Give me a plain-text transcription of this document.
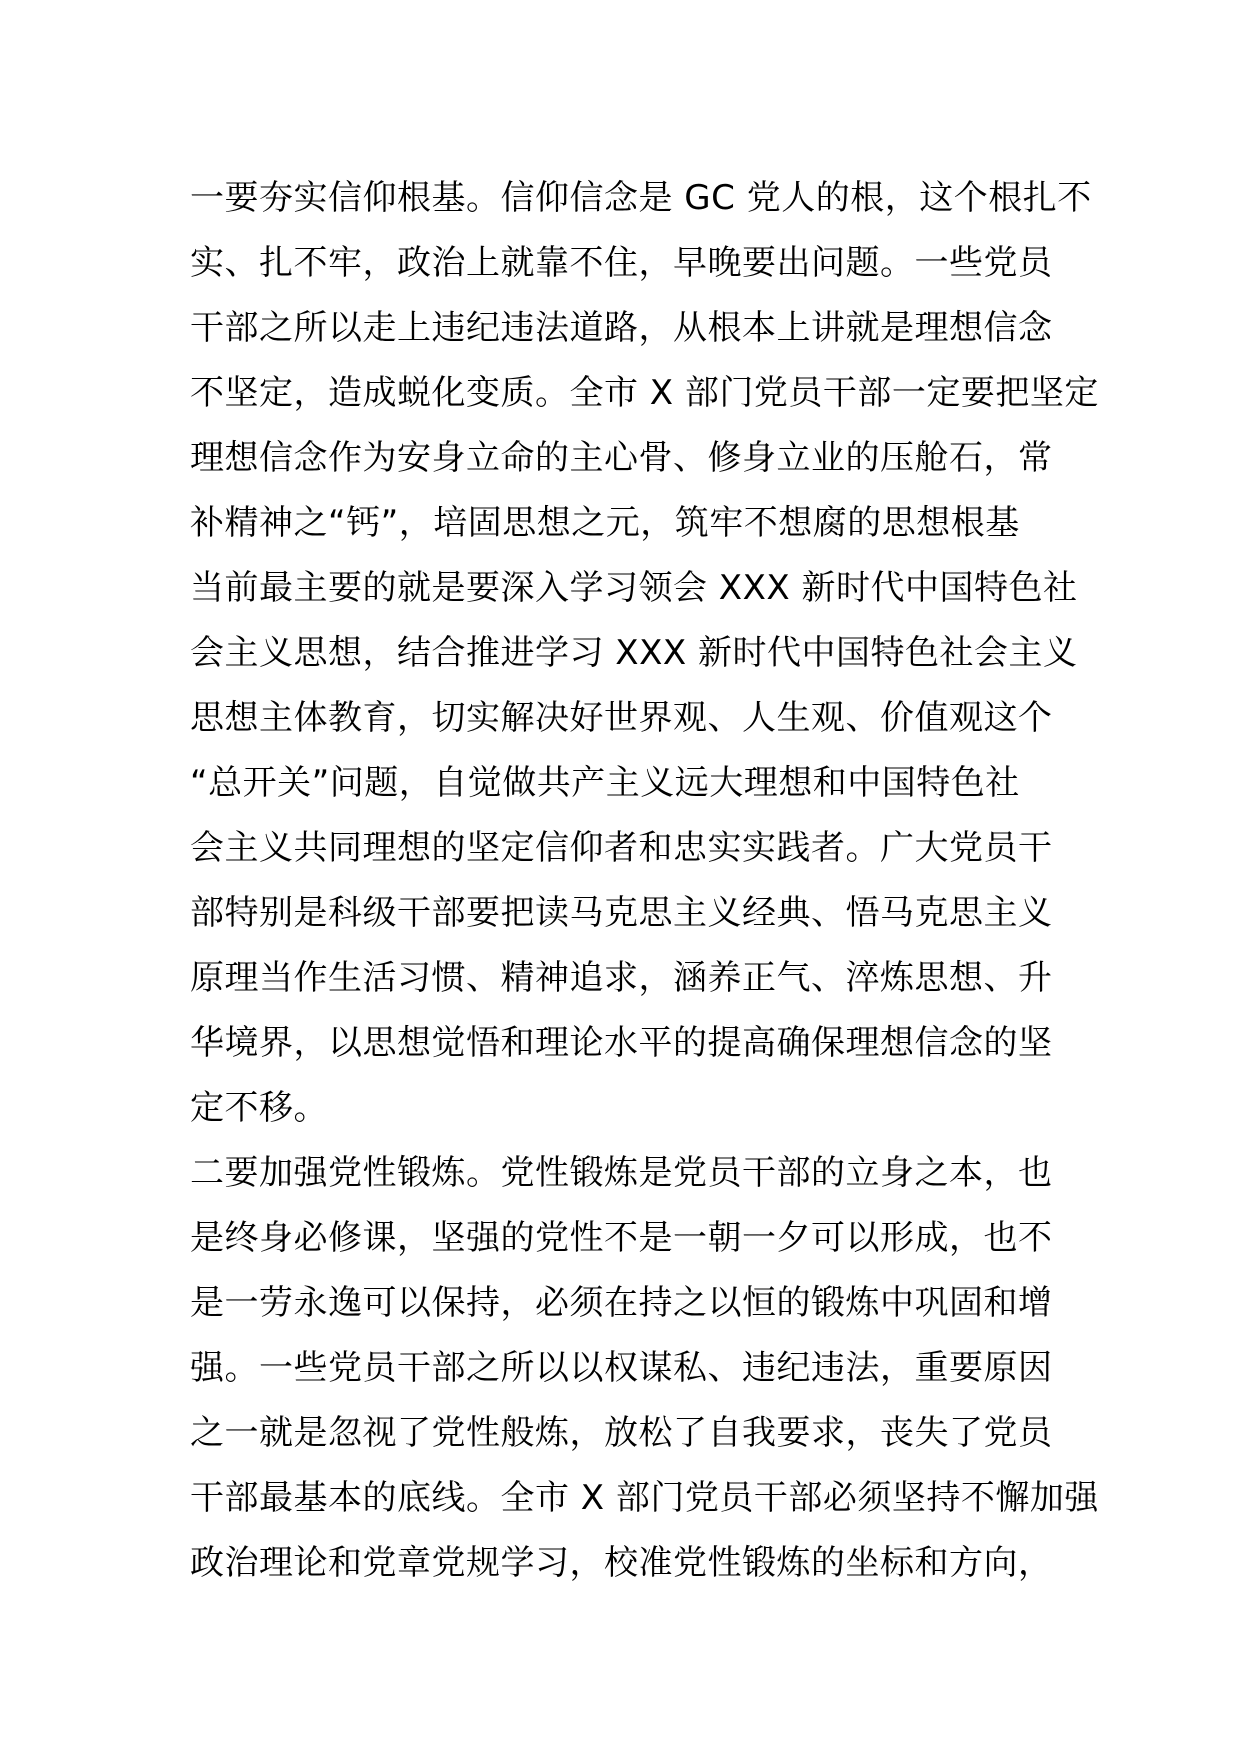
一要夯实信仰根基。信仰信念是 GC 党人的根，这个根扎不
实、扎不牢，政治上就靠不住，早晚要出问题。一些党员
干部之所以走上违纪违法道路，从根本上讲就是理想信念
不坚定，造成蜕化变质。全市 X 部门党员干部一定要把坚定
理想信念作为安身立命的主心骨、修身立业的压舱石，常
补精神之“钙”，培固思想之元，筑牢不想腐的思想根基
当前最主要的就是要深入学习领会 XXX 新时代中国特色社
会主义思想，结合推进学习 XXX 新时代中国特色社会主义
思想主体教育，切实解决好世界观、人生观、价值观这个
“总开关”问题，自觉做共产主义远大理想和中国特色社
会主义共同理想的坚定信仰者和忠实实践者。广大党员干
部特别是科级干部要把读马克思主义经典、悟马克思主义
原理当作生活习惯、精神追求，涵养正气、淬炼思想、升
华境界，以思想觉悟和理论水平的提高确保理想信念的坚
定不移。
二要加强党性锻炼。党性锻炼是党员干部的立身之本，也
是终身必修课，坚强的党性不是一朝一夕可以形成，也不
是一劳永逸可以保持，必须在持之以恒的锻炼中巩固和增
强。一些党员干部之所以以权谋私、违纪违法，重要原因
之一就是忽视了党性般炼，放松了自我要求，丧失了党员
干部最基本的底线。全市 X 部门党员干部必须坚持不懈加强
政治理论和党章党规学习，校准党性锻炼的坐标和方向，
